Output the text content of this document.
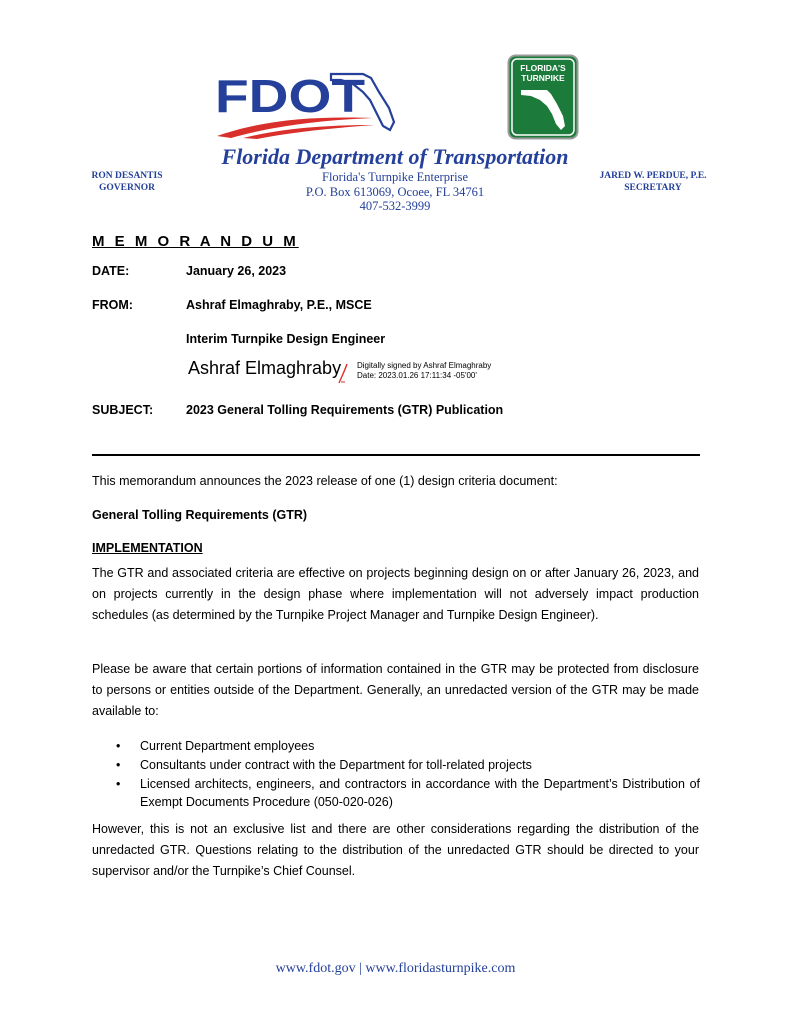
FDOT
FLORIDA'S
TURNPIKE
Florida Department of Transportation
RON DESANTIS
GOVERNOR
Florida's Turnpike Enterprise
P.O. Box 613069, Ocoee, FL 34761
407-532-3999
JARED W. PERDUE, P.E.
SECRETARY
M E M O R A N D U M
DATE:	January 26, 2023
FROM:	Ashraf Elmaghraby, P.E., MSCE
Interim Turnpike Design Engineer
Ashraf Elmaghraby Digitally signed by Ashraf Elmaghraby
Date: 2023.01.26 17:11:34 -05'00'
SUBJECT:	2023 General Tolling Requirements (GTR) Publication
This memorandum announces the 2023 release of one (1) design criteria document:
General Tolling Requirements (GTR)
IMPLEMENTATION
The GTR and associated criteria are effective on projects beginning design on or after January 26, 2023, and on projects currently in the design phase where implementation will not adversely impact production schedules (as determined by the Turnpike Project Manager and Turnpike Design Engineer).
Please be aware that certain portions of information contained in the GTR may be protected from disclosure to persons or entities outside of the Department. Generally, an unredacted version of the GTR may be made available to:
• Current Department employees
• Consultants under contract with the Department for toll-related projects
• Licensed architects, engineers, and contractors in accordance with the Department’s Distribution of Exempt Documents Procedure (050-020-026)
However, this is not an exclusive list and there are other considerations regarding the distribution of the unredacted GTR. Questions relating to the distribution of the unredacted GTR should be directed to your supervisor and/or the Turnpike’s Chief Counsel.
www.fdot.gov | www.floridasturnpike.com
